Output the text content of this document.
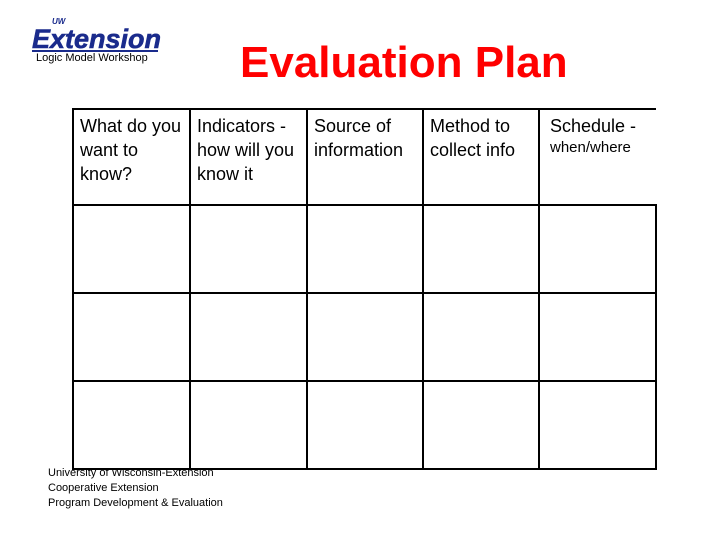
UW
Extension
Logic Model Workshop Evaluation Plan
What do you want to know?	Indicators - how will you know it	Source of information	Method to collect info	Schedule -
when/where

University of Wisconsin-Extension
Cooperative Extension
Program Development & Evaluation
